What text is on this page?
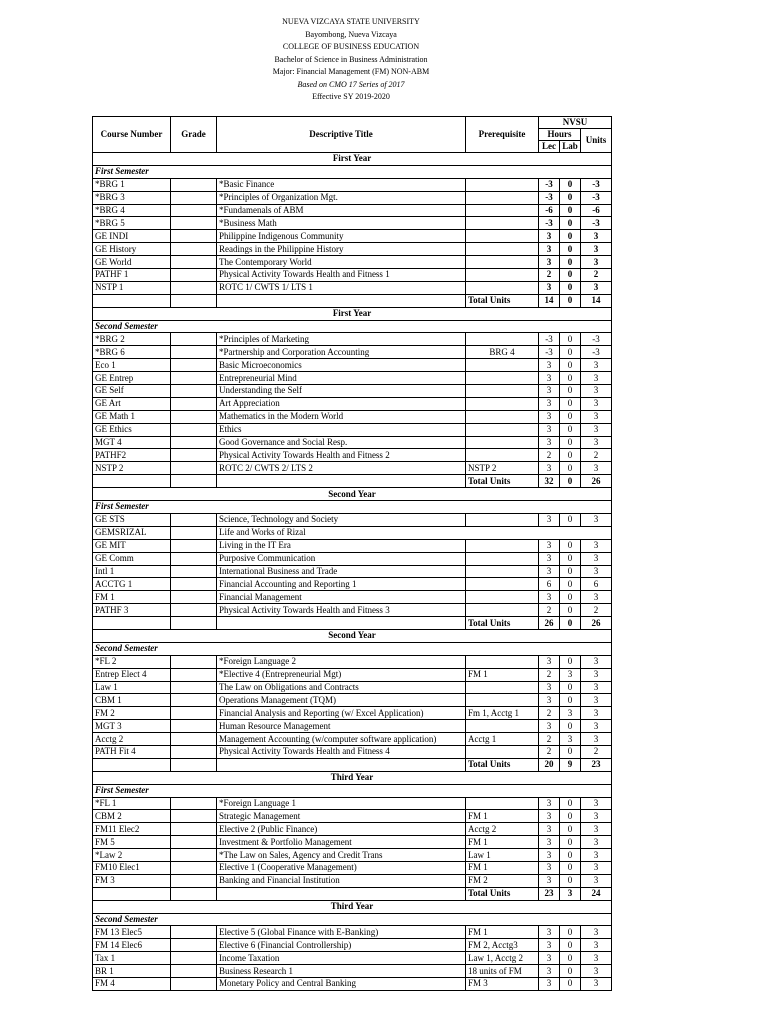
NUEVA VIZCAYA STATE UNIVERSITY
Bayombong, Nueva Vizcaya
COLLEGE OF BUSINESS EDUCATION
Bachelor of Science in Business Administration
Major: Financial Management (FM) NON-ABM
Based on CMO 17 Series of 2017
Effective SY 2019-2020
Course Number	Grade	Descriptive Title	Prerequisite	NVSU		
				Hours		Units
				Lec	Lab	
First Year						
First Semester						
*BRG 1		*Basic Finance		-3	0	-3
*BRG 3		*Principles of Organization Mgt.		-3	0	-3
*BRG 4		*Fundamenals of ABM		-6	0	-6
*BRG 5		*Business Math		-3	0	-3
GE INDI		Philippine Indigenous Community		3	0	3
GE History		Readings in the Philippine History		3	0	3
GE World		The Contemporary World		3	0	3
PATHF 1		Physical Activity Towards Health and Fitness 1		2	0	2
NSTP 1		ROTC 1/ CWTS 1/ LTS 1		3	0	3
			Total Units	14	0	14
First Year						
Second Semester						
*BRG 2		*Principles of Marketing		-3	0	-3
*BRG 6		*Partnership and Corporation Accounting	BRG 4	-3	0	-3
Eco 1		Basic Microeconomics		3	0	3
GE Entrep		Entrepreneurial Mind		3	0	3
GE Self		Understanding the Self		3	0	3
GE Art		Art Appreciation		3	0	3
GE Math 1		Mathematics in the Modern World		3	0	3
GE Ethics		Ethics		3	0	3
MGT 4		Good Governance and Social Resp.		3	0	3
PATHF2		Physical Activity Towards Health and Fitness 2		2	0	2
NSTP 2		ROTC 2/ CWTS 2/ LTS 2	NSTP 2	3	0	3
			Total Units	32	0	26
Second Year						
First Semester						
GE STS		Science, Technology and Society		3	0	3
GEMSRIZAL		Life and Works of Rizal				
GE MIT		Living in the IT Era		3	0	3
GE Comm		Purposive Communication		3	0	3
Intl 1		International Business and Trade		3	0	3
ACCTG 1		Financial Accounting and Reporting 1		6	0	6
FM 1		Financial Management		3	0	3
PATHF 3		Physical Activity Towards Health and Fitness 3		2	0	2
			Total Units	26	0	26
Second Year						
Second Semester						
*FL 2		*Foreign Language 2		3	0	3
Entrep Elect 4		*Elective 4 (Entrepreneurial Mgt)	FM 1	2	3	3
Law 1		The Law on Obligations and Contracts		3	0	3
CBM 1		Operations Management (TQM)		3	0	3
FM 2		Financial Analysis and Reporting (w/ Excel Application)	Fm 1, Acctg 1	2	3	3
MGT 3		Human Resource Management		3	0	3
Acctg 2		Management Accounting (w/computer software application)	Acctg 1	2	3	3
PATH Fit 4		Physical Activity Towards Health and Fitness 4		2	0	2
			Total Units	20	9	23
Third Year						
First Semester						
*FL 1		*Foreign Language 1		3	0	3
CBM 2		Strategic Management	FM 1	3	0	3
FM11 Elec2		Elective 2 (Public Finance)	Acctg 2	3	0	3
FM 5		Investment & Portfolio Management	FM 1	3	0	3
*Law 2		*The Law on Sales, Agency and Credit Trans	Law 1	3	0	3
FM10 Elec1		Elective 1 (Cooperative Management)	FM 1	3	0	3
FM 3		Banking and Financial Institution	FM 2	3	0	3
			Total Units	23	3	24
Third Year						
Second Semester						
FM 13 Elec5		Elective 5 (Global Finance with E-Banking)	FM 1	3	0	3
FM 14 Elec6		Elective 6 (Financial Controllership)	FM 2, Acctg3	3	0	3
Tax 1		Income Taxation	Law 1, Acctg 2	3	0	3
BR 1		Business Research 1	18 units of FM	3	0	3
FM 4		Monetary Policy and Central Banking	FM 3	3	0	3
